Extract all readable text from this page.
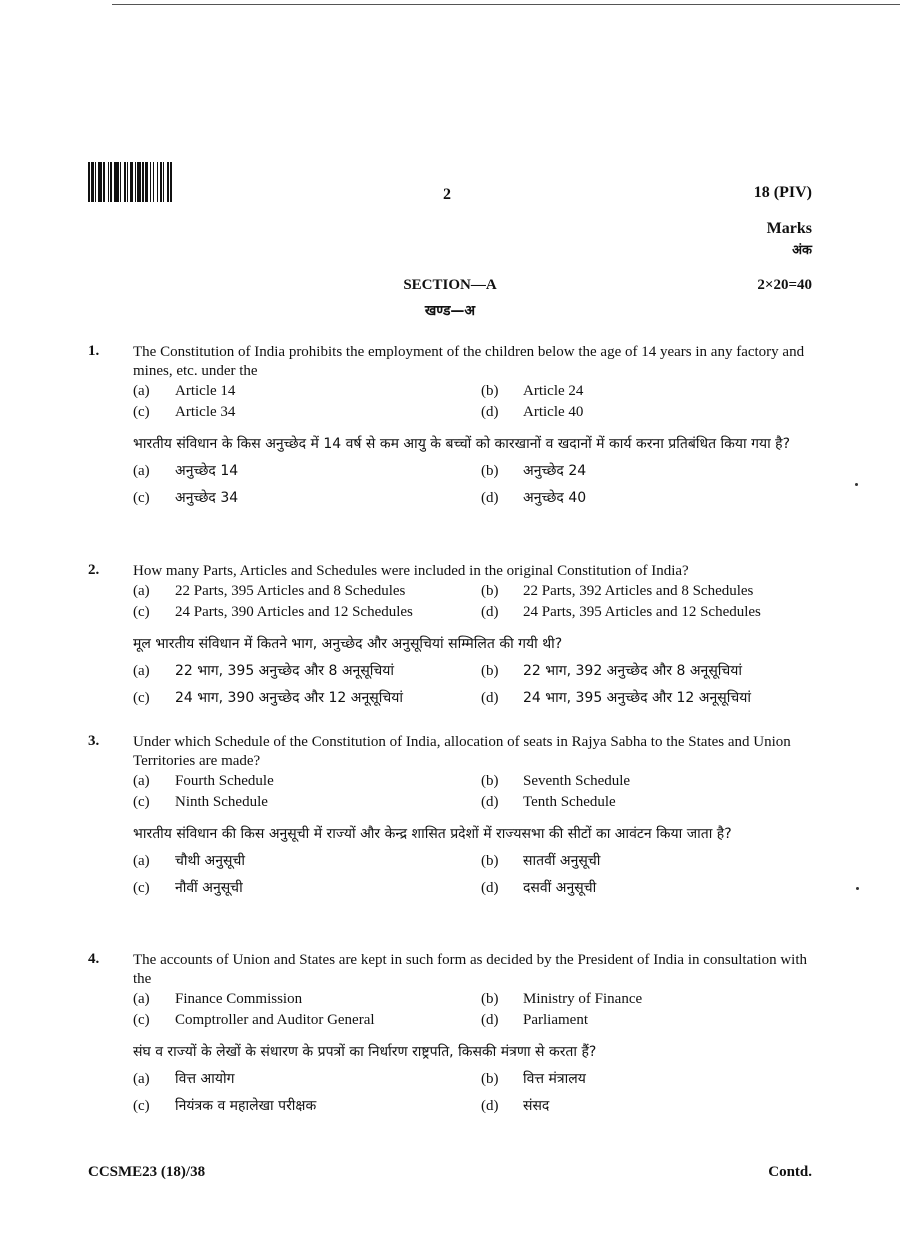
2	18 (PIV)
Marks
अंक
SECTION—A	2×20=40
खण्ड—अ
1. The Constitution of India prohibits the employment of the children below the age of 14 years in any factory and mines, etc. under the
(a)	Article 14	(b)	Article 24
(c)	Article 34	(d)	Article 40
भारतीय संविधान के किस अनुच्छेद में 14 वर्ष से कम आयु के बच्चों को कारखानों व खदानों में कार्य करना प्रतिबंधित किया गया है?
(a)	अनुच्छेद 14	(b)	अनुच्छेद 24
(c)	अनुच्छेद 34	(d)	अनुच्छेद 40
2. How many Parts, Articles and Schedules were included in the original Constitution of India?
(a)	22 Parts, 395 Articles and 8 Schedules	(b)	22 Parts, 392 Articles and 8 Schedules
(c)	24 Parts, 390 Articles and 12 Schedules	(d)	24 Parts, 395 Articles and 12 Schedules
मूल भारतीय संविधान में कितने भाग, अनुच्छेद और अनुसूचियां सम्मिलित की गयी थी?
(a)	22 भाग, 395 अनुच्छेद और 8 अनूसूचियां	(b)	22 भाग, 392 अनुच्छेद और 8 अनूसूचियां
(c)	24 भाग, 390 अनुच्छेद और 12 अनूसूचियां	(d)	24 भाग, 395 अनुच्छेद और 12 अनूसूचियां
3. Under which Schedule of the Constitution of India, allocation of seats in Rajya Sabha to the States and Union Territories are made?
(a)	Fourth Schedule	(b)	Seventh Schedule
(c)	Ninth Schedule	(d)	Tenth Schedule
भारतीय संविधान की किस अनुसूची में राज्यों और केन्द्र शासित प्रदेशों में राज्यसभा की सीटों का आवंटन किया जाता है?
(a)	चौथी अनुसूची	(b)	सातवीं अनुसूची
(c)	नौवीं अनुसूची	(d)	दसवीं अनुसूची
4. The accounts of Union and States are kept in such form as decided by the President of India in consultation with the
(a)	Finance Commission	(b)	Ministry of Finance
(c)	Comptroller and Auditor General	(d)	Parliament
संघ व राज्यों के लेखों के संधारण के प्रपत्रों का निर्धारण राष्ट्रपति, किसकी मंत्रणा से करता हैं?
(a)	वित्त आयोग	(b)	वित्त मंत्रालय
(c)	नियंत्रक व महालेखा परीक्षक	(d)	संसद
CCSME23 (18)/38	Contd.
